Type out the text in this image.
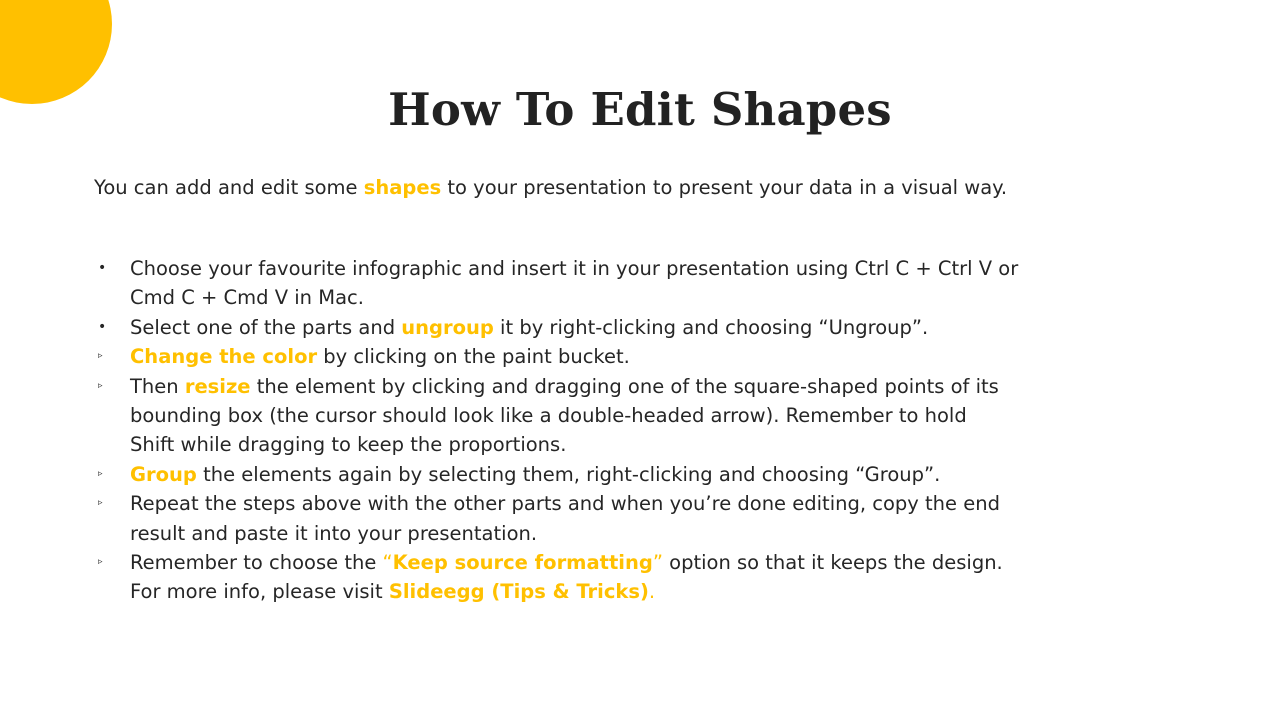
How To Edit Shapes

You can add and edit some shapes to your presentation to present your data in a visual way.

• Choose your favourite infographic and insert it in your presentation using Ctrl C + Ctrl V or
Cmd C + Cmd V in Mac.
• Select one of the parts and ungroup it by right-clicking and choosing “Ungroup”.
▹	Change the color by clicking on the paint bucket.
▹	Then resize the element by clicking and dragging one of the square-shaped points of its
bounding box (the cursor should look like a double-headed arrow). Remember to hold
Shift while dragging to keep the proportions.
▹	Group the elements again by selecting them, right-clicking and choosing “Group”.
▹	Repeat the steps above with the other parts and when you’re done editing, copy the end
result and paste it into your presentation.
▹	Remember to choose the “Keep source formatting” option so that it keeps the design.
For more info, please visit Slideegg (Tips & Tricks).
